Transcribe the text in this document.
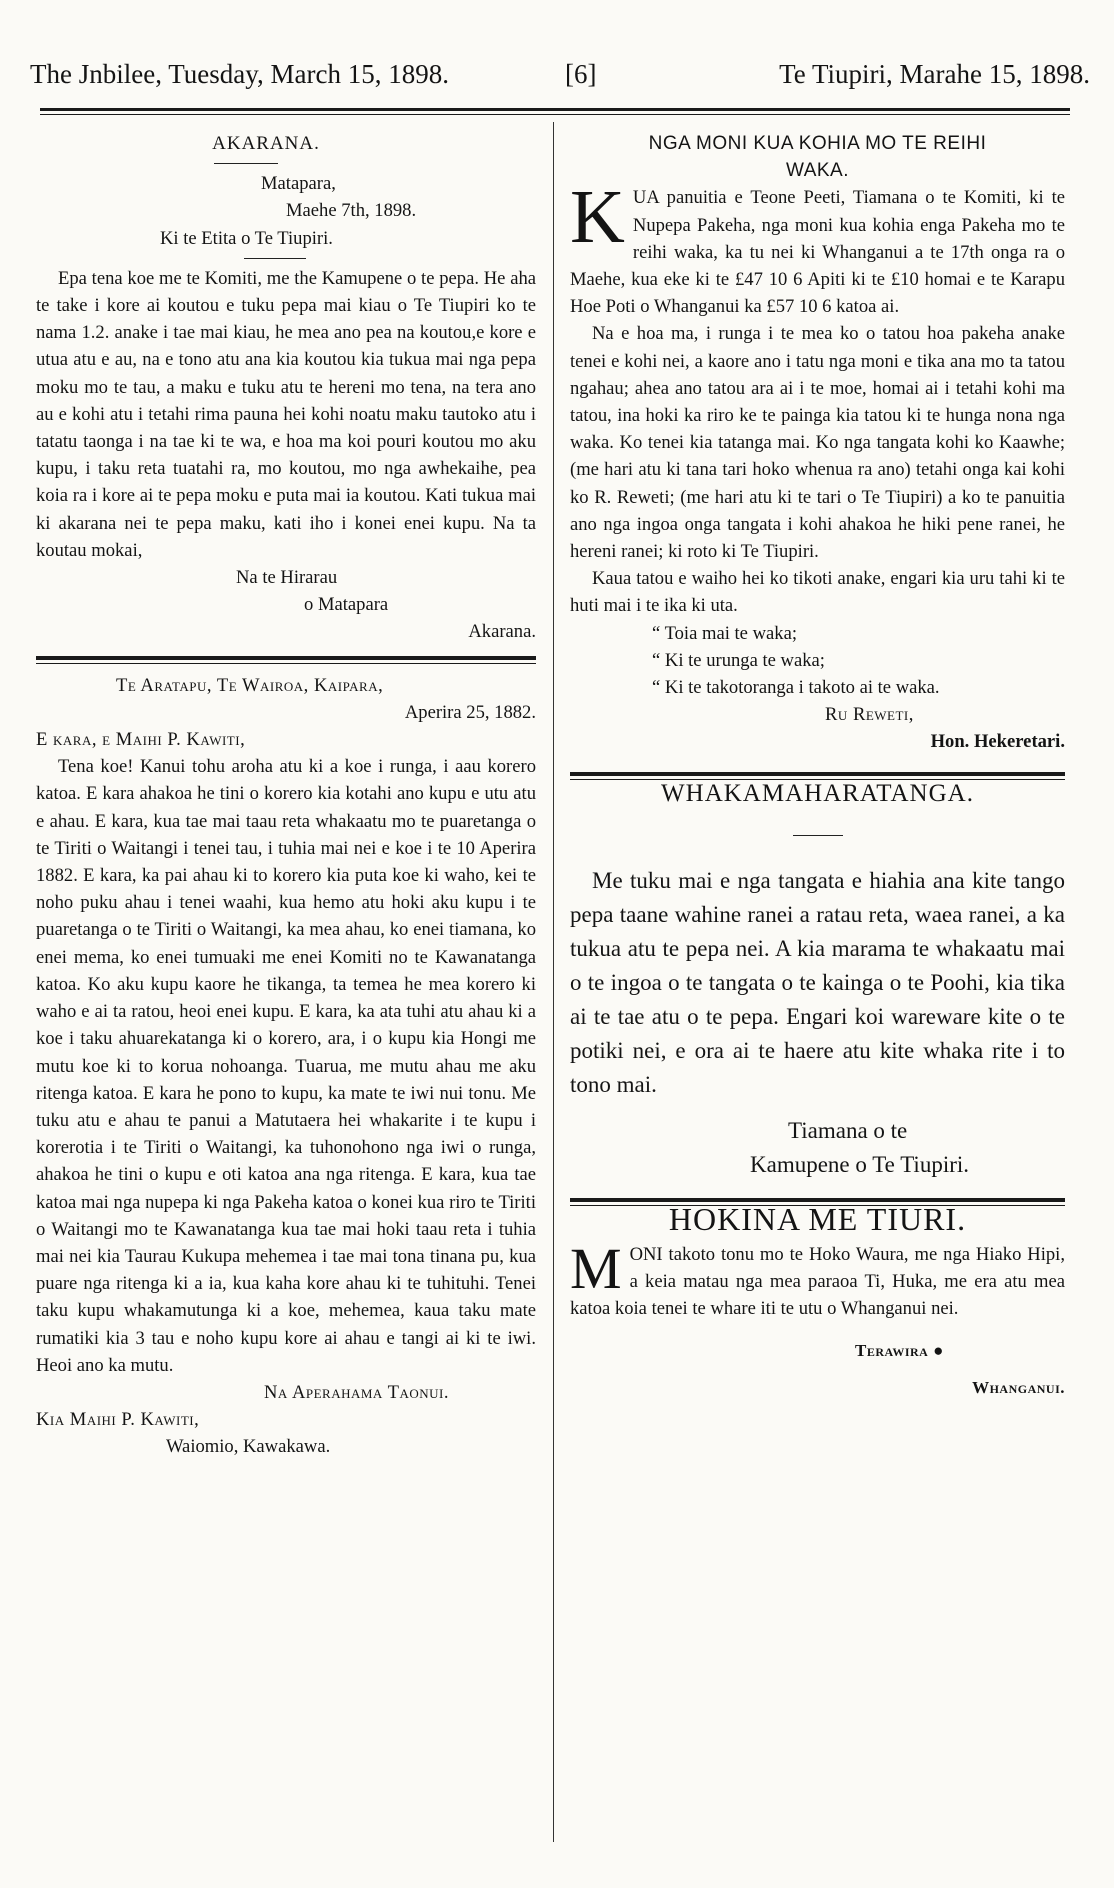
The Jnbilee, Tuesday, March 15, 1898.	[6]	Te Tiupiri, Marahe 15, 1898.

AKARANA.

Matapara,

Maehe 7th, 1898.

Ki te Etita o Te Tiupiri.

Epa tena koe me te Komiti, me the Kamupene o te pepa. He aha te take i kore ai koutou e tuku pepa mai kiau o Te Tiupiri ko te nama 1.2. anake i tae mai kiau, he mea ano pea na koutou,e kore e utua atu e au, na e tono atu ana kia koutou kia tukua mai nga pepa moku mo te tau, a maku e tuku atu te hereni mo tena, na tera ano au e kohi atu i tetahi rima pauna hei kohi noatu maku tautoko atu i tatatu taonga i na tae ki te wa, e hoa ma koi pouri koutou mo aku kupu, i taku reta tuatahi ra, mo koutou, mo nga awhekaihe, pea koia ra i kore ai te pepa moku e puta mai ia koutou. Kati tukua mai ki akarana nei te pepa maku, kati iho i konei enei kupu. Na ta koutau mokai,

Na te Hirarau

o Matapara

Akarana.

Te Aratapu, Te Wairoa, Kaipara,

Aperira 25, 1882.

E kara, e Maihi P. Kawiti,

Tena koe! Kanui tohu aroha atu ki a koe i runga, i aau korero katoa. E kara ahakoa he tini o korero kia kotahi ano kupu e utu atu e ahau. E kara, kua tae mai taau reta whakaatu mo te puaretanga o te Tiriti o Waitangi i tenei tau, i tuhia mai nei e koe i te 10 Aperira 1882. E kara, ka pai ahau ki to korero kia puta koe ki waho, kei te noho puku ahau i tenei waahi, kua hemo atu hoki aku kupu i te puaretanga o te Tiriti o Waitangi, ka mea ahau, ko enei tiamana, ko enei mema, ko enei tumuaki me enei Komiti no te Kawanatanga katoa. Ko aku kupu kaore he tikanga, ta temea he mea korero ki waho e ai ta ratou, heoi enei kupu. E kara, ka ata tuhi atu ahau ki a koe i taku ahuarekatanga ki o korero, ara, i o kupu kia Hongi me mutu koe ki to korua nohoanga. Tuarua, me mutu ahau me aku ritenga katoa. E kara he pono to kupu, ka mate te iwi nui tonu. Me tuku atu e ahau te panui a Matutaera hei whakarite i te kupu i korerotia i te Tiriti o Waitangi, ka tuhonohono nga iwi o runga, ahakoa he tini o kupu e oti katoa ana nga ritenga. E kara, kua tae katoa mai nga nupepa ki nga Pakeha katoa o konei kua riro te Tiriti o Waitangi mo te Kawanatanga kua tae mai hoki taau reta i tuhia mai nei kia Taurau Kukupa mehemea i tae mai tona tinana pu, kua puare nga ritenga ki a ia, kua kaha kore ahau ki te tuhituhi. Tenei taku kupu whakamutunga ki a koe, mehemea, kaua taku mate rumatiki kia 3 tau e noho kupu kore ai ahau e tangi ai ki te iwi. Heoi ano ka mutu.

Na Aperahama Taonui.

Kia Maihi P. Kawiti,

Waiomio, Kawakawa.

NGA MONI KUA KOHIA MO TE REIHI

WAKA.

K UA panuitia e Teone Peeti, Tiamana o te Komiti, ki te Nupepa Pakeha, nga moni kua kohia enga Pakeha mo te reihi waka, ka tu nei ki Whanganui a te 17th onga ra o Maehe, kua eke ki te £47 10 6 Apiti ki te £10 homai e te Karapu Hoe Poti o Whanganui ka £57 10 6 katoa ai.

Na e hoa ma, i runga i te mea ko o tatou hoa pakeha anake tenei e kohi nei, a kaore ano i tatu nga moni e tika ana mo ta tatou ngahau; ahea ano tatou ara ai i te moe, homai ai i tetahi kohi ma tatou, ina hoki ka riro ke te painga kia tatou ki te hunga nona nga waka. Ko tenei kia tatanga mai. Ko nga tangata kohi ko Kaawhe; (me hari atu ki tana tari hoko whenua ra ano) tetahi onga kai kohi ko R. Reweti; (me hari atu ki te tari o Te Tiupiri) a ko te panuitia ano nga ingoa onga tangata i kohi ahakoa he hiki pene ranei, he hereni ranei; ki roto ki Te Tiupiri.

Kaua tatou e waiho hei ko tikoti anake, engari kia uru tahi ki te huti mai i te ika ki uta.

“ Toia mai te waka;

“ Ki te urunga te waka;

“ Ki te takotoranga i takoto ai te waka.

Ru Reweti,

Hon. Hekeretari.

WHAKAMAHARATANGA.

Me tuku mai e nga tangata e hiahia ana kite tango pepa taane wahine ranei a ratau reta, waea ranei, a ka tukua atu te pepa nei. A kia marama te whakaatu mai o te ingoa o te tangata o te kainga o te Poohi, kia tika ai te tae atu o te pepa. Engari koi wareware kite o te potiki nei, e ora ai te haere atu kite whaka rite i to tono mai.

Tiamana o te

Kamupene o Te Tiupiri.

HOKINA ME TIURI.

M ONI takoto tonu mo te Hoko Waura, me nga Hiako Hipi, a keia matau nga mea paraoa Ti, Huka, me era atu mea katoa koia tenei te whare iti te utu o Whanganui nei.

Terawira ●

Whanganui.
